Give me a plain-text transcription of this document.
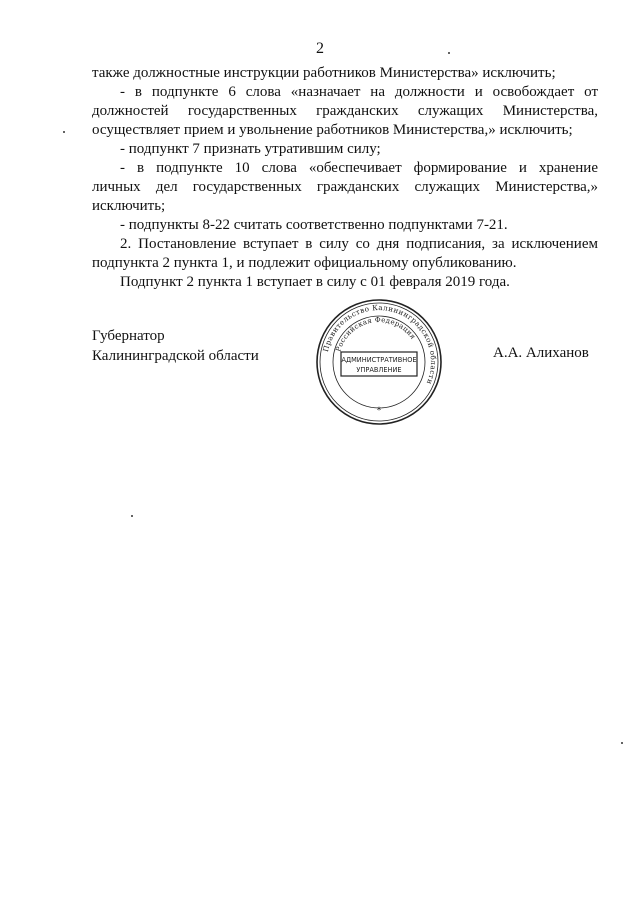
2
также должностные инструкции работников Министерства» исключить;
- в подпункте 6 слова «назначает на должности и освобождает от
должностей государственных гражданских служащих Министерства,
осуществляет прием и увольнение работников Министерства,» исключить;
- подпункт 7 признать утратившим силу;
- в подпункте 10 слова «обеспечивает формирование и хранение
личных дел государственных гражданских служащих Министерства,»
исключить;
- подпункты 8-22 считать соответственно подпунктами 7-21.
2. Постановление вступает в силу со дня подписания, за исключением
подпункта 2 пункта 1, и подлежит официальному опубликованию.
Подпункт 2 пункта 1 вступает в силу с 01 февраля 2019 года.
Губернатор
Калининградской области	Правительство Калининградской области
Российская Федерация
АДМИНИСТРАТИВНОЕ
УПРАВЛЕНИЕ
*
А.А. Алиханов
